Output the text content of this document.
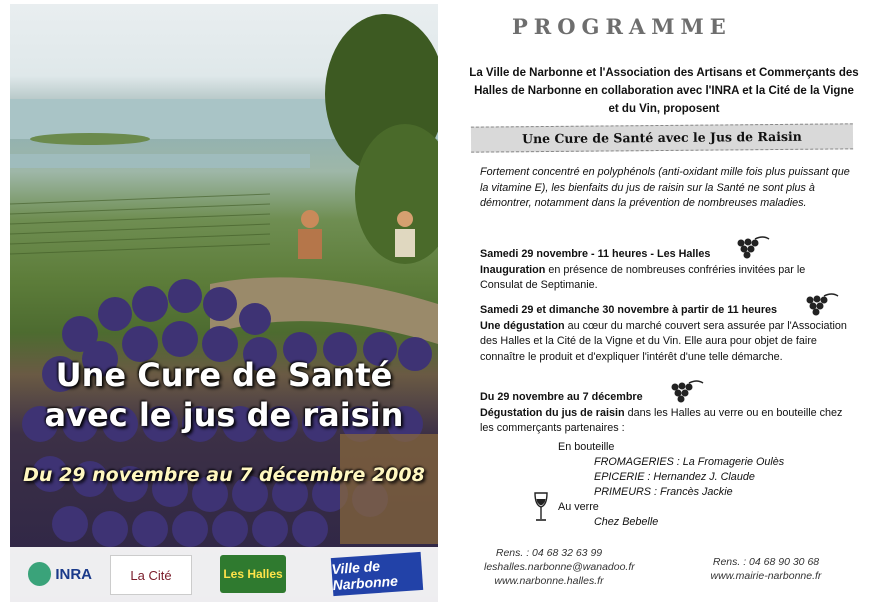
Une Cure de Santé
avec le jus de raisin
Du 29 novembre au 7 décembre 2008
INRA	La Cité	Les Halles	Ville de Narbonne
PROGRAMME
La Ville de Narbonne et l'Association des Artisans et Commerçants des Halles de Narbonne en collaboration avec l'INRA et la Cité de la Vigne et du Vin, proposent
Une Cure de Santé avec le Jus de Raisin
Fortement concentré en polyphénols (anti-oxidant mille fois plus puissant que la vitamine E), les bienfaits du jus de raisin sur la Santé ne sont plus à démontrer, notamment dans la prévention de nombreuses maladies.
Samedi 29 novembre - 11 heures - Les Halles
Inauguration en présence de nombreuses confréries invitées par le Consulat de Septimanie.
Samedi 29 et dimanche 30 novembre à partir de 11 heures
Une dégustation au cœur du marché couvert sera assurée par l'Association des Halles et la Cité de la Vigne et du Vin. Elle aura pour objet de faire connaître le produit et d'expliquer l'intérêt d'une telle démarche.
Du 29 novembre au 7 décembre
Dégustation du jus de raisin dans les Halles au verre ou en bouteille chez les commerçants partenaires :
En bouteille
FROMAGERIES : La Fromagerie Oulès
EPICERIE : Hernandez J. Claude
PRIMEURS : Francès Jackie
Au verre
Chez Bebelle
Rens. : 04 68 32 63 99
leshalles.narbonne@wanadoo.fr
www.narbonne.halles.fr
Rens. : 04 68 90 30 68
www.mairie-narbonne.fr
